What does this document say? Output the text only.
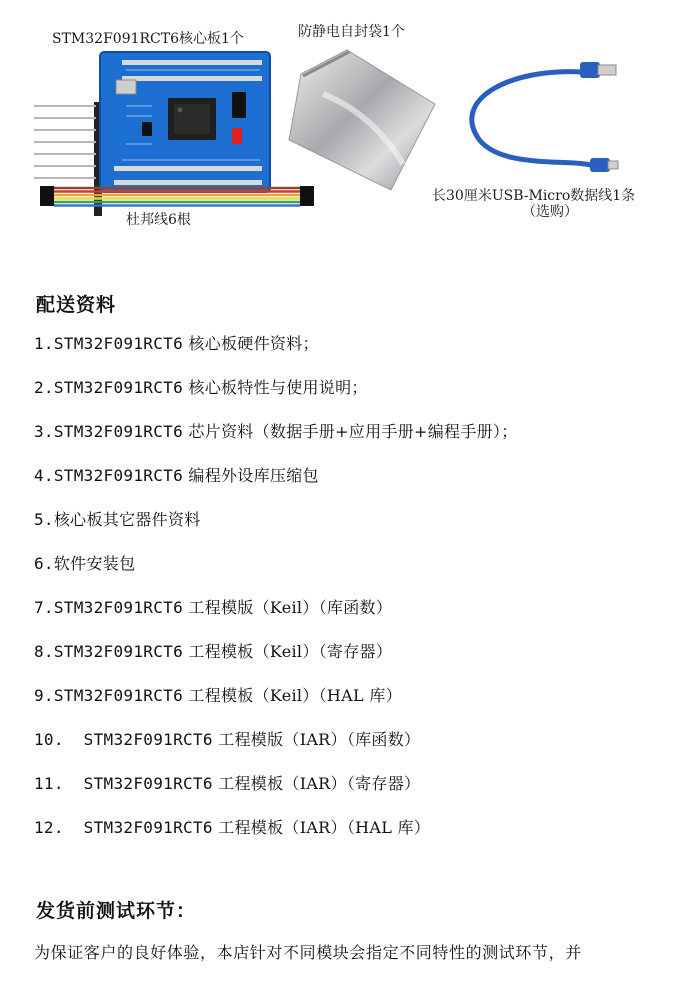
STM32F091RCT6核心板1个	防静电自封袋1个
杜邦线6根
长30厘米USB-Micro数据线1条
（选购）
配送资料
1.STM32F091RCT6 核心板硬件资料；
2.STM32F091RCT6 核心板特性与使用说明；
3.STM32F091RCT6 芯片资料（数据手册+应用手册+编程手册）；
4.STM32F091RCT6 编程外设库压缩包
5.核心板其它器件资料
6.软件安装包
7.STM32F091RCT6 工程模版（Keil）（库函数）
8.STM32F091RCT6 工程模板（Keil）（寄存器）
9.STM32F091RCT6 工程模板（Keil）（HAL 库）
10.  STM32F091RCT6 工程模版（IAR）（库函数）
11.  STM32F091RCT6 工程模板（IAR）（寄存器）
12.  STM32F091RCT6 工程模板（IAR）（HAL 库）
发货前测试环节：
为保证客户的良好体验，本店针对不同模块会指定不同特性的测试环节，并
